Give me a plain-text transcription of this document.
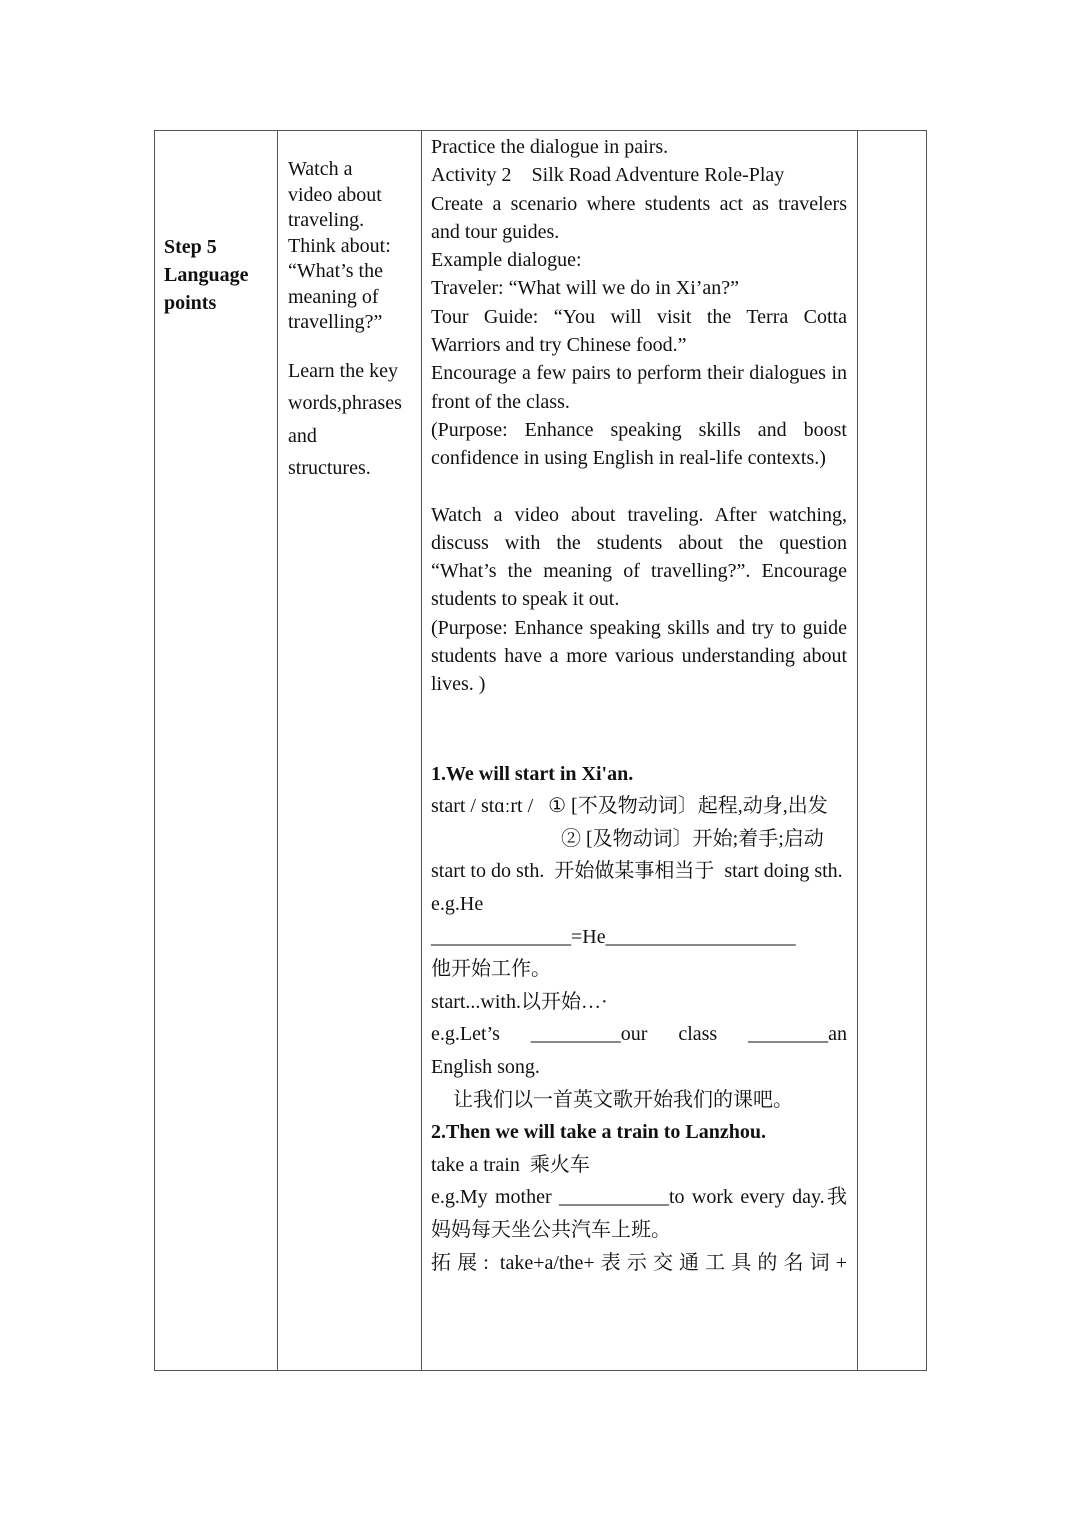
Step 5
Language
points
Watch a
video about
traveling.
Think about:
“What’s the
meaning of
travelling?”
Learn the key
words,phrases
and
structures.

Practice the dialogue in pairs.

Activity 2    Silk Road Adventure Role-Play

Create a scenario where students act as travelers and tour guides.

Example dialogue:

Traveler: “What will we do in Xi’an?”

Tour Guide: “You will visit the Terra Cotta Warriors and try Chinese food.”

Encourage a few pairs to perform their dialogues in front of the class.

(Purpose: Enhance speaking skills and boost confidence in using English in real-life contexts.)

Watch a video about traveling. After watching, discuss with the students about the question “What’s the meaning of travelling?”. Encourage students to speak it out.

(Purpose: Enhance speaking skills and try to guide students have a more various understanding about lives. )

1.We will start in Xi'an.

start / stɑːrt /   ① [不及物动词〕起程,动身,出发

② [及物动词〕开始;着手;启动

start to do sth.  开始做某事相当于  start doing sth.

e.g.He

______________=He___________________

他开始工作。

start...with.以开始…·

e.g.Let’s  _________our  class  ________an English song.

让我们以一首英文歌开始我们的课吧。

2.Then we will take a train to Lanzhou.

take a train  乘火车

e.g.My mother ___________to work every day.我妈妈每天坐公共汽车上班。

拓展: take+a/the+表示交通工具的名词+
